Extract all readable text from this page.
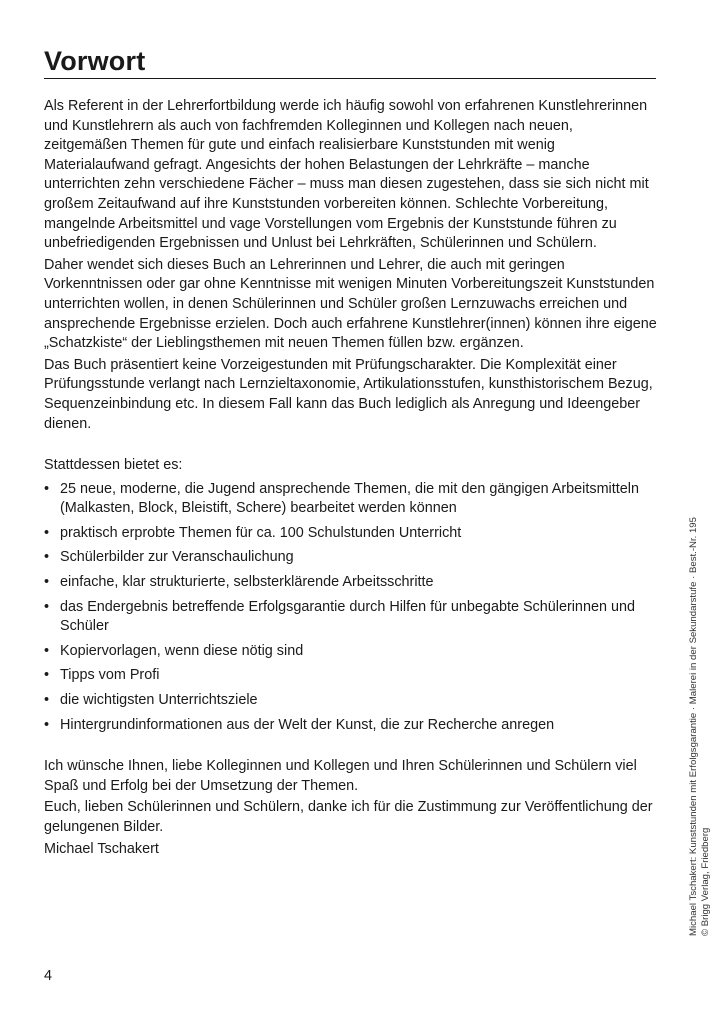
Vorwort

Als Referent in der Lehrerfortbildung werde ich häufig sowohl von erfahrenen Kunstlehrerinnen und Kunstlehrern als auch von fachfremden Kolleginnen und Kollegen nach neuen, zeitgemäßen Themen für gute und einfach realisierbare Kunststunden mit wenig Materialaufwand gefragt. Angesichts der hohen Belastungen der Lehrkräfte – manche unterrichten zehn verschiedene Fächer – muss man diesen zugestehen, dass sie sich nicht mit großem Zeitaufwand auf ihre Kunststunden vorbereiten können. Schlechte Vorbereitung, mangelnde Arbeitsmittel und vage Vorstellungen vom Ergebnis der Kunststunde führen zu unbefriedigenden Ergebnissen und Unlust bei Lehrkräften, Schülerinnen und Schülern.

Daher wendet sich dieses Buch an Lehrerinnen und Lehrer, die auch mit geringen Vorkenntnissen oder gar ohne Kenntnisse mit wenigen Minuten Vorbereitungszeit Kunststunden unterrichten wollen, in denen Schülerinnen und Schüler großen Lernzuwachs erreichen und ansprechende Ergebnisse erzielen. Doch auch erfahrene Kunstlehrer(innen) können ihre eigene „Schatzkiste“ der Lieblingsthemen mit neuen Themen füllen bzw. ergänzen.

Das Buch präsentiert keine Vorzeigestunden mit Prüfungscharakter. Die Komplexität einer Prüfungsstunde verlangt nach Lernzieltaxonomie, Artikulationsstufen, kunsthistorischem Bezug, Sequenzeinbindung etc. In diesem Fall kann das Buch lediglich als Anregung und Ideengeber dienen.

Stattdessen bietet es:

• 25 neue, moderne, die Jugend ansprechende Themen, die mit den gängigen Arbeitsmitteln (Malkasten, Block, Bleistift, Schere) bearbeitet werden können
• praktisch erprobte Themen für ca. 100 Schulstunden Unterricht
• Schülerbilder zur Veranschaulichung
• einfache, klar strukturierte, selbsterklärende Arbeitsschritte
• das Endergebnis betreffende Erfolgsgarantie durch Hilfen für unbegabte Schülerinnen und Schüler
• Kopiervorlagen, wenn diese nötig sind
• Tipps vom Profi
• die wichtigsten Unterrichtsziele
• Hintergrundinformationen aus der Welt der Kunst, die zur Recherche anregen

Ich wünsche Ihnen, liebe Kolleginnen und Kollegen und Ihren Schülerinnen und Schülern viel Spaß und Erfolg bei der Umsetzung der Themen.

Euch, lieben Schülerinnen und Schülern, danke ich für die Zustimmung zur Veröffentlichung der gelungenen Bilder.

Michael Tschakert

4
Michael Tschakert: Kunststunden mit Erfolgsgarantie · Malerei in der Sekundarstufe · Best.-Nr. 195 © Brigg Verlag, Friedberg
